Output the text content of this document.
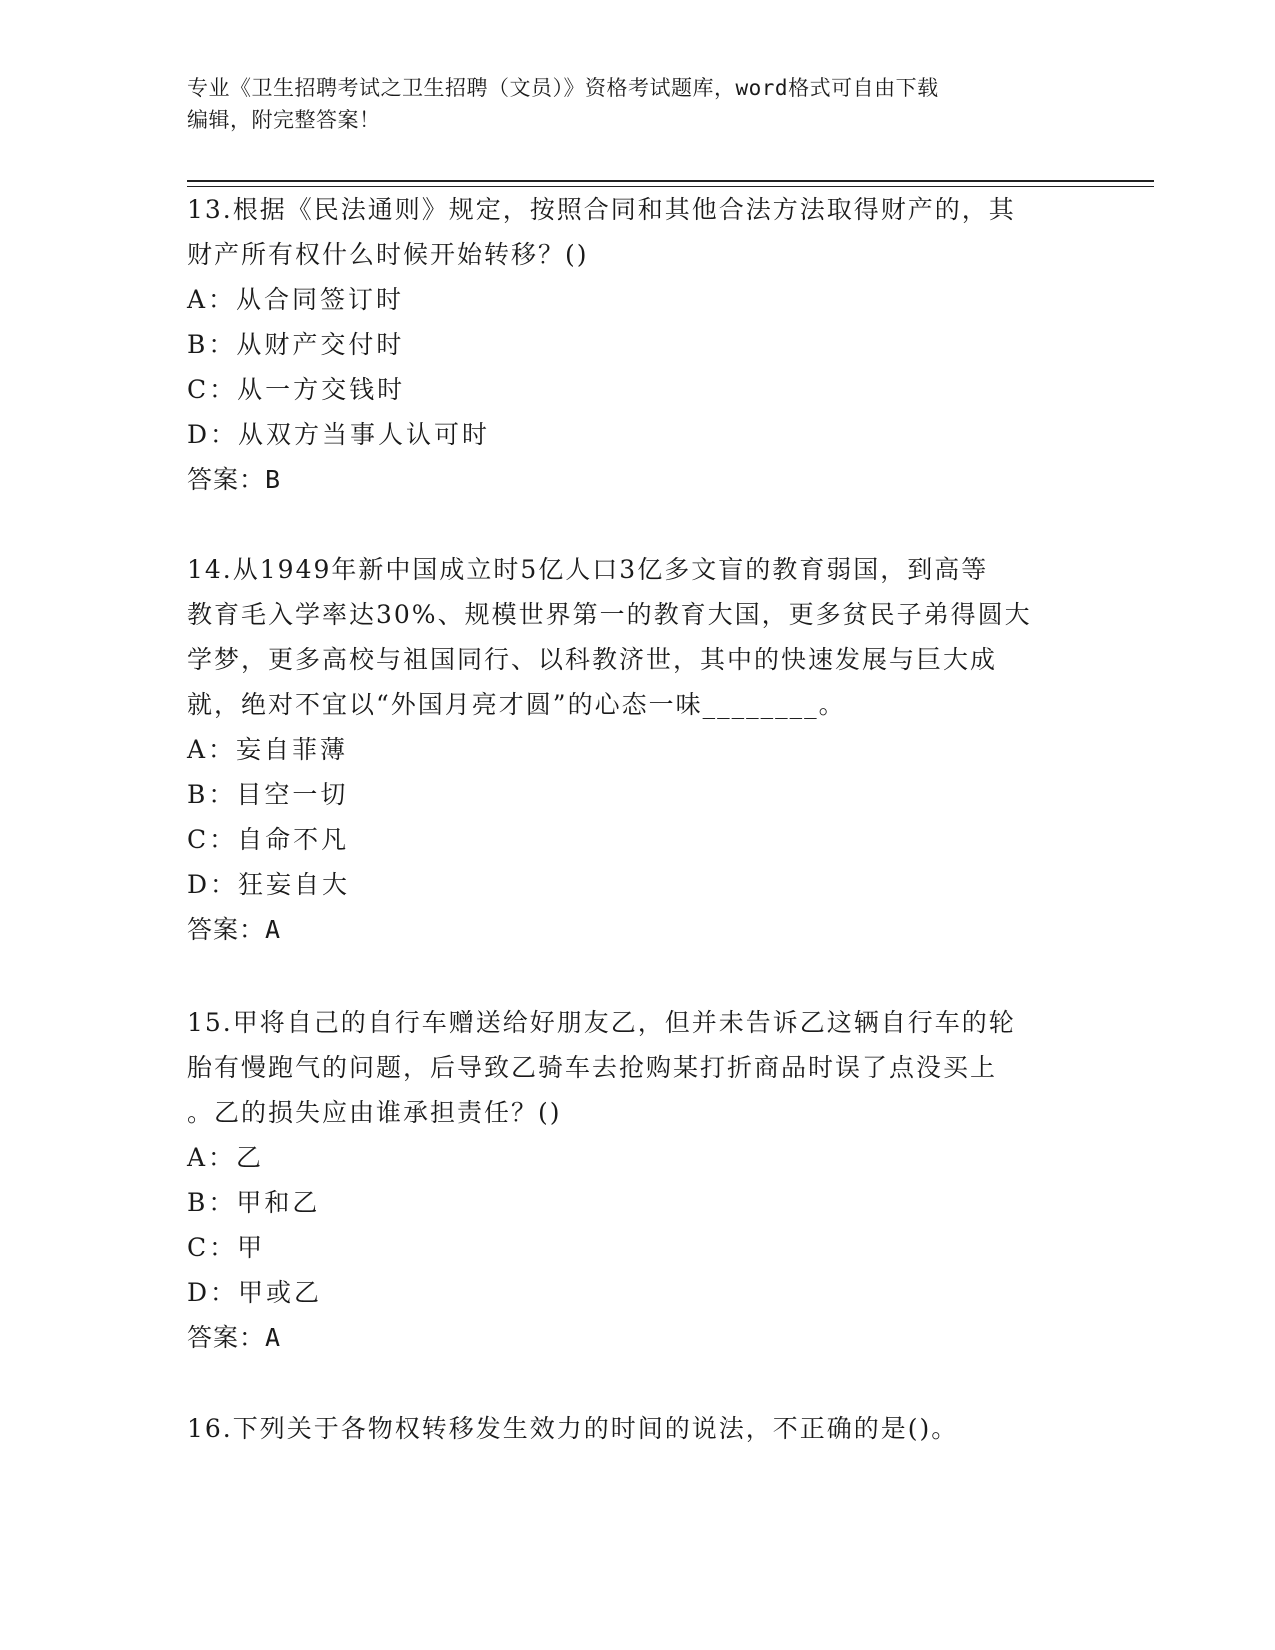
专业《卫生招聘考试之卫生招聘（文员）》资格考试题库，word格式可自由下载
编辑，附完整答案！
13.根据《民法通则》规定，按照合同和其他合法方法取得财产的，其
财产所有权什么时候开始转移？()
A：从合同签订时
B：从财产交付时
C：从一方交钱时
D：从双方当事人认可时
答案：B
14.从1949年新中国成立时5亿人口3亿多文盲的教育弱国，到高等
教育毛入学率达30%、规模世界第一的教育大国，更多贫民子弟得圆大
学梦，更多高校与祖国同行、以科教济世，其中的快速发展与巨大成
就，绝对不宜以“外国月亮才圆”的心态一味________。
A：妄自菲薄
B：目空一切
C：自命不凡
D：狂妄自大
答案：A
15.甲将自己的自行车赠送给好朋友乙，但并未告诉乙这辆自行车的轮
胎有慢跑气的问题，后导致乙骑车去抢购某打折商品时误了点没买上
。乙的损失应由谁承担责任？()
A：乙
B：甲和乙
C：甲
D：甲或乙
答案：A
16.下列关于各物权转移发生效力的时间的说法，不正确的是()。
